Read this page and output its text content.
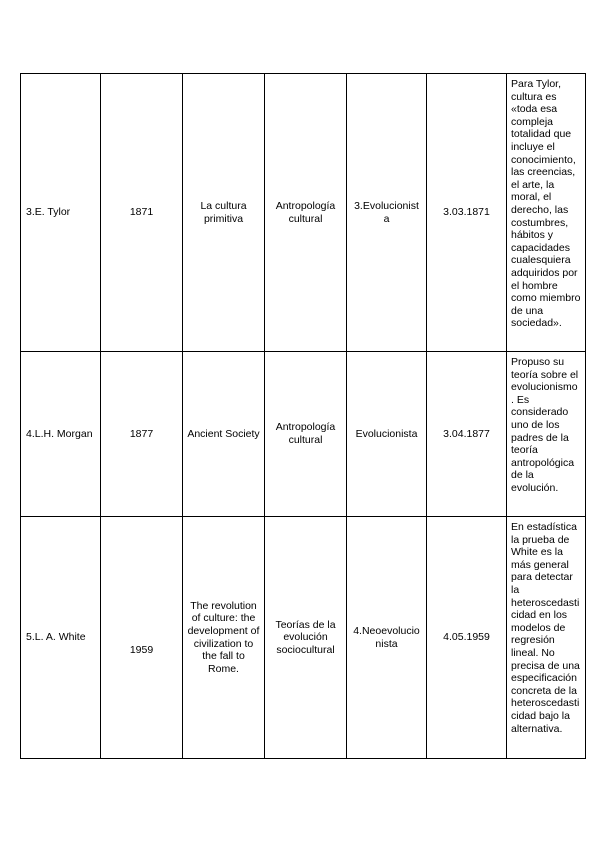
3.E. Tylor	1871	La cultura primitiva	Antropología cultural	3.Evolucionist a	3.03.1871	Para Tylor, cultura es «toda esa compleja totalidad que incluye el conocimiento, las creencias, el arte, la moral, el derecho, las costumbres, hábitos y capacidades cualesquiera adquiridos por el hombre como miembro de una sociedad».
4.L.H. Morgan	1877	Ancient Society	Antropología cultural	Evolucionista	3.04.1877	Propuso su teoría sobre el evolucionismo . Es considerado uno de los padres de la teoría antropológica de la evolución.
5.L. A. White	1959	The revolution of culture: the development of civilization to the fall to Rome.	Teorías de la evolución sociocultural	4.Neoevolucio nista	4.05.1959	En estadística la prueba de White es la más general para detectar la heteroscedasticidad en los modelos de regresión lineal. No precisa de una especificación concreta de la heteroscedasticidad bajo la alternativa.
